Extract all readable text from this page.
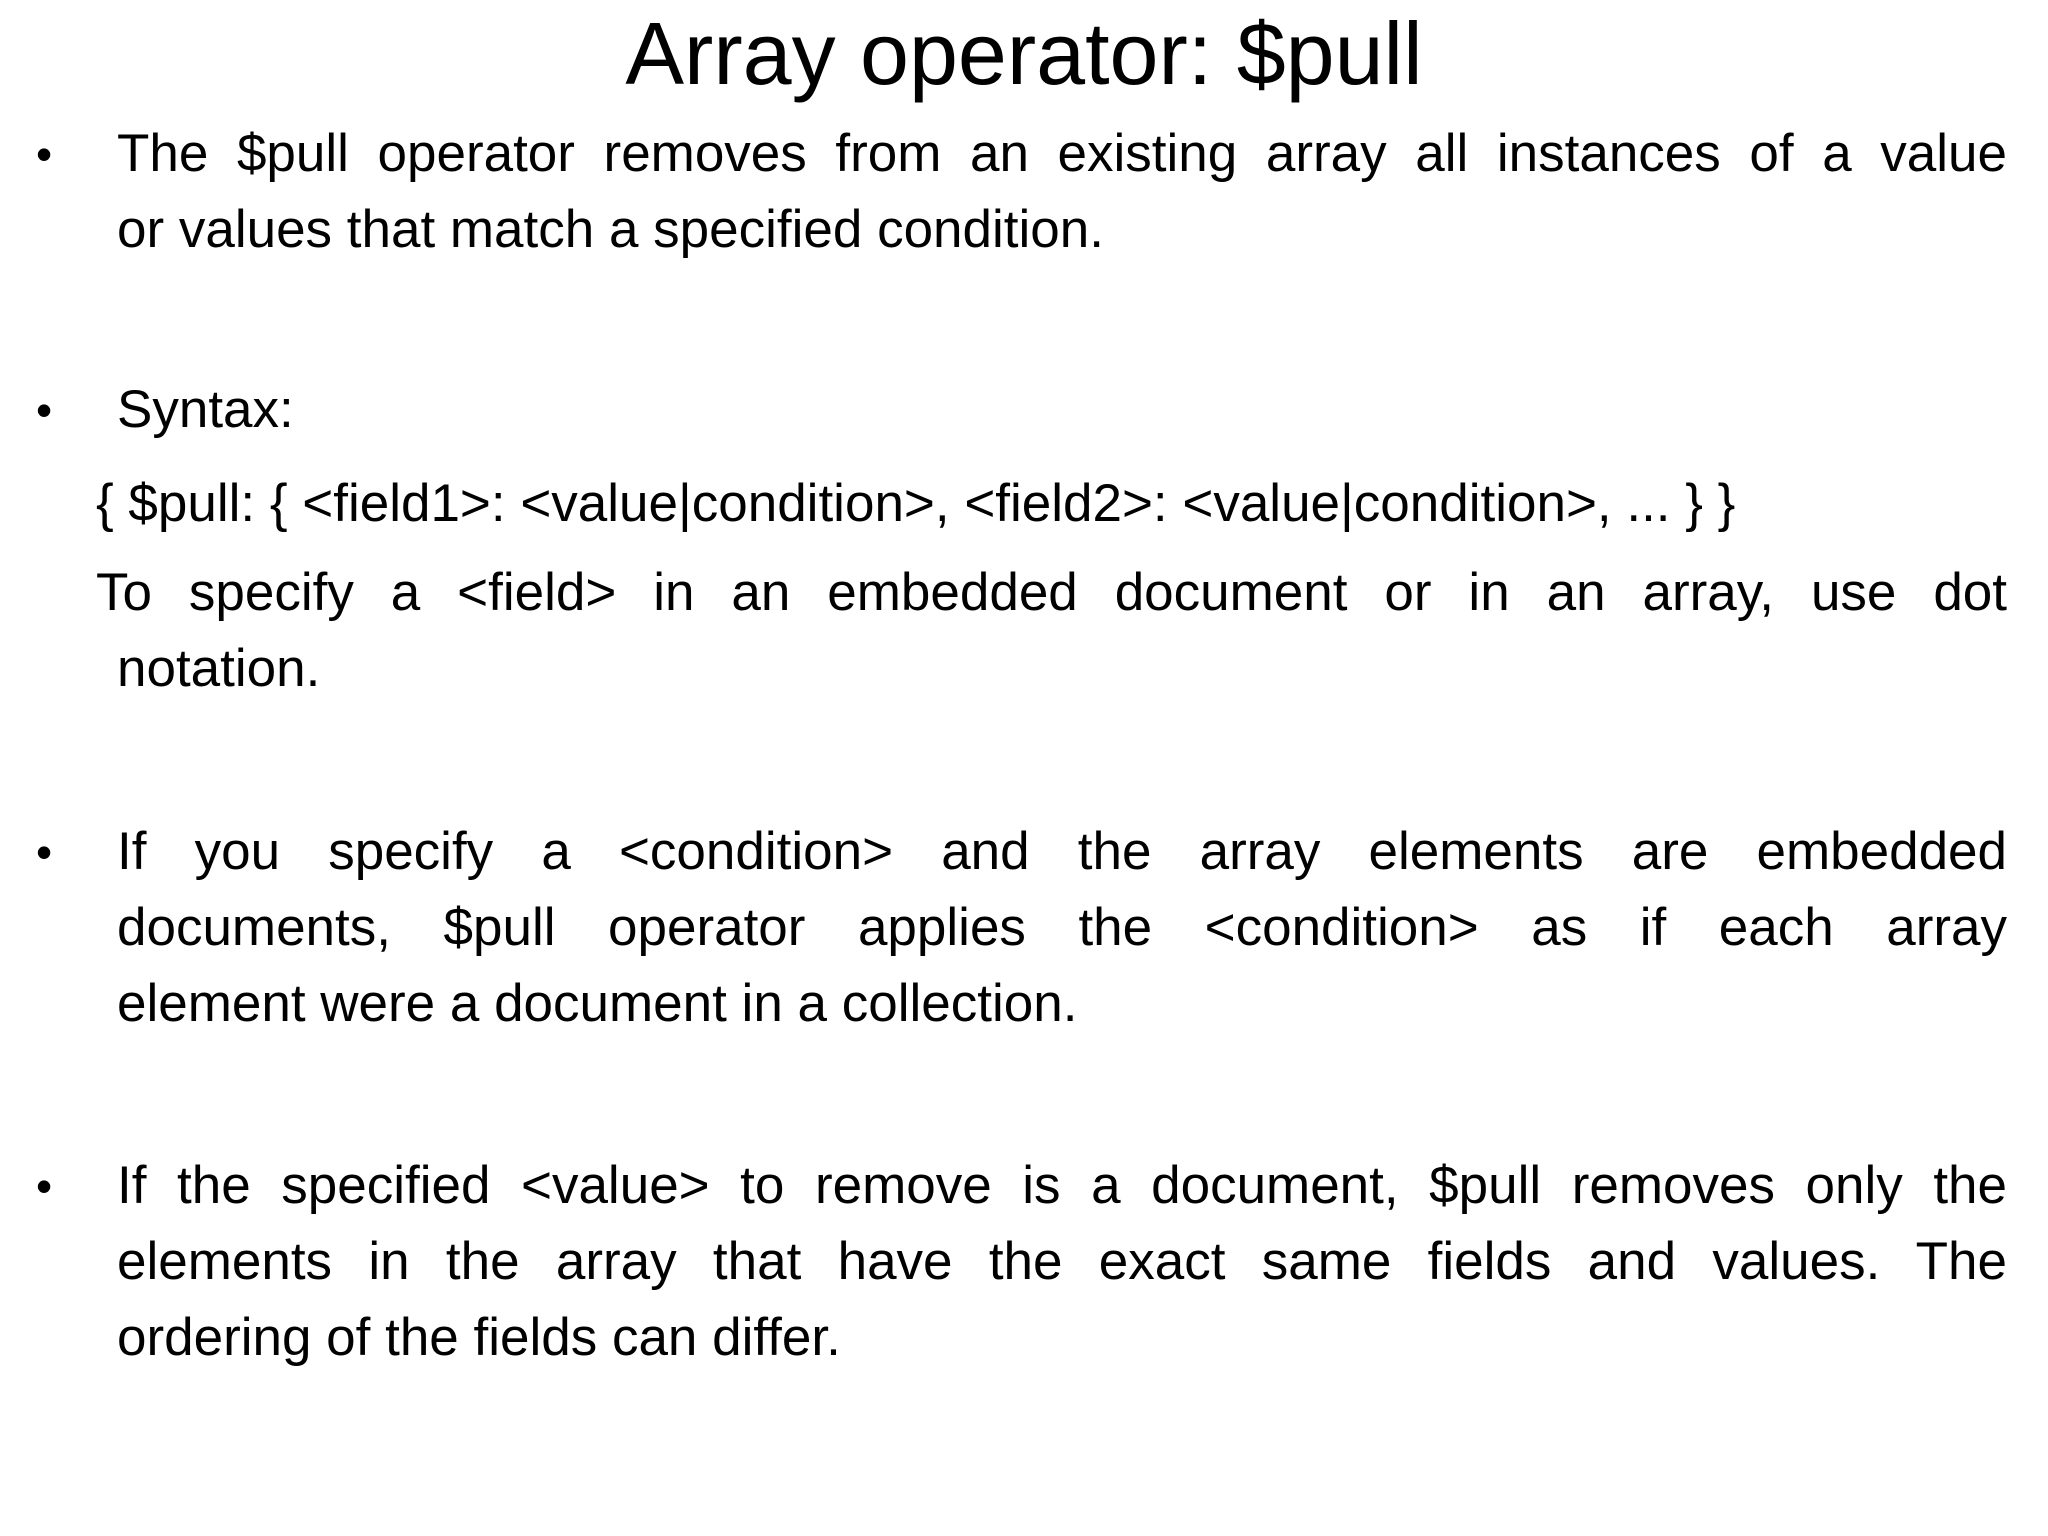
Array operator: $pull
• The $pull operator removes from an existing array all instances of a value
or values that match a specified condition.
• Syntax:
{ $pull: { <field1>: <value|condition>, <field2>: <value|condition>, ... } }
To specify a <field> in an embedded document or in an array, use dot
notation.
• If you specify a <condition> and the array elements are embedded
documents, $pull operator applies the <condition> as if each array
element were a document in a collection.
• If the specified <value> to remove is a document, $pull removes only the
elements in the array that have the exact same fields and values. The
ordering of the fields can differ.
